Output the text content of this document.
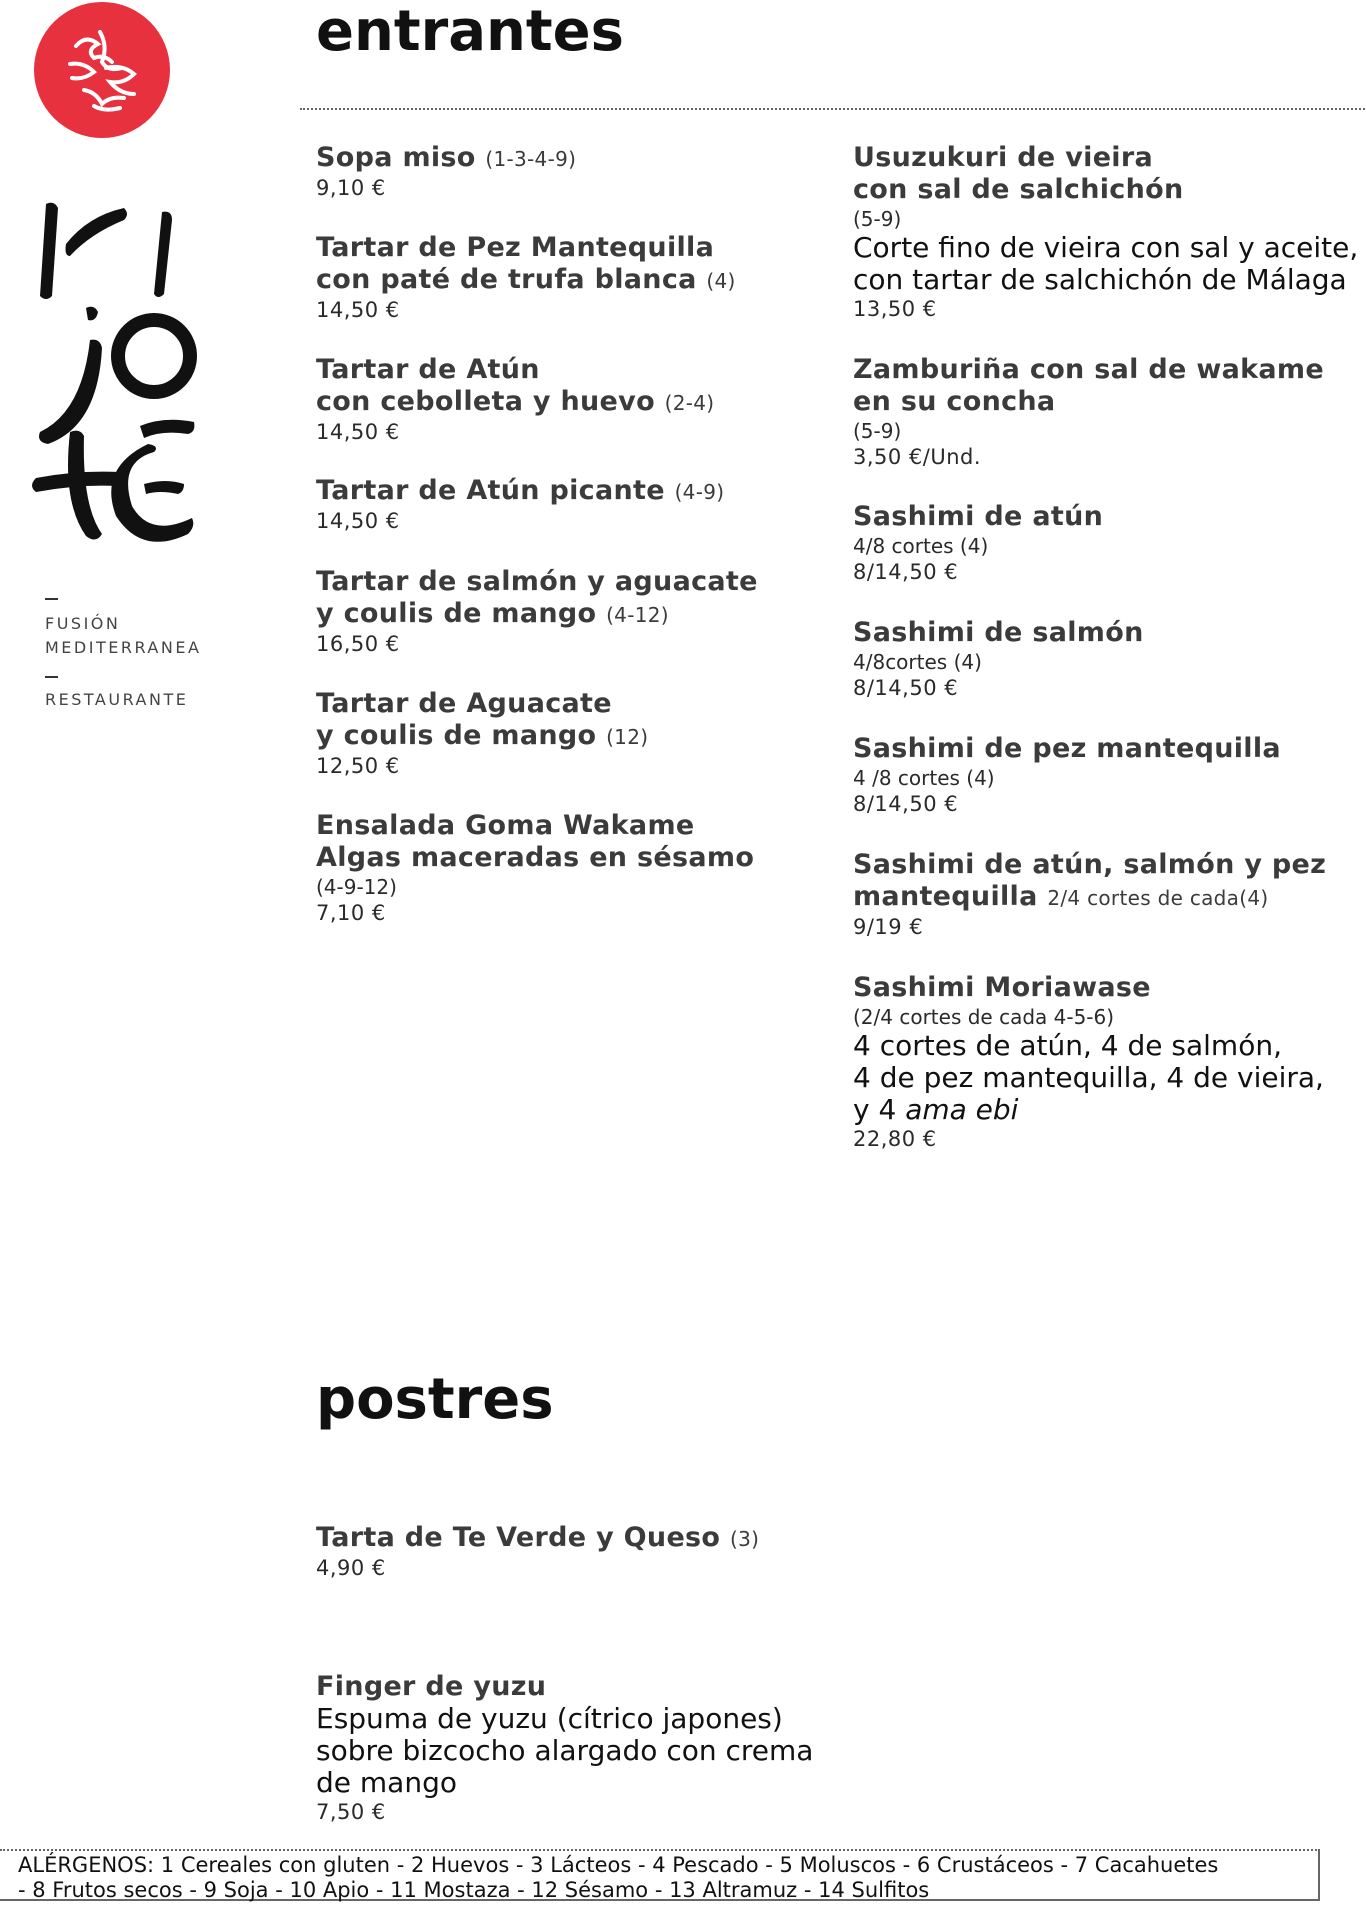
FUSIÓN
MEDITERRANEA
RESTAURANTE
entrantes
Sopa miso (1-3-4-9)
9,10 €
Tartar de Pez Mantequilla
con paté de trufa blanca (4)
14,50 €
Tartar de Atún
con cebolleta y huevo (2-4)
14,50 €
Tartar de Atún picante (4-9)
14,50 €
Tartar de salmón y aguacate
y coulis de mango (4-12)
16,50 €
Tartar de Aguacate
y coulis de mango (12)
12,50 €
Ensalada Goma Wakame
Algas maceradas en sésamo
(4-9-12)
7,10 €
Usuzukuri de vieira
con sal de salchichón
(5-9)
Corte fino de vieira con sal y aceite,
con tartar de salchichón de Málaga
13,50 €
Zamburiña con sal de wakame
en su concha
(5-9)
3,50 €/Und.
Sashimi de atún
4/8 cortes (4)
8/14,50 €
Sashimi de salmón
4/8cortes (4)
8/14,50 €
Sashimi de pez mantequilla
4 /8 cortes (4)
8/14,50 €
Sashimi de atún, salmón y pez
mantequilla 2/4 cortes de cada(4)
9/19 €
Sashimi Moriawase
(2/4 cortes de cada 4-5-6)
4 cortes de atún, 4 de salmón,
4 de pez mantequilla, 4 de vieira,
y 4 ama ebi
22,80 €
postres
Tarta de Te Verde y Queso (3)
4,90 €
Finger de yuzu
Espuma de yuzu (cítrico japones)
sobre bizcocho alargado con crema
de mango
7,50 €
ALÉRGENOS: 1 Cereales con gluten - 2 Huevos - 3 Lácteos - 4 Pescado - 5 Moluscos - 6 Crustáceos - 7 Cacahuetes
- 8 Frutos secos - 9 Soja - 10 Apio - 11 Mostaza - 12 Sésamo - 13 Altramuz - 14 Sulfitos
